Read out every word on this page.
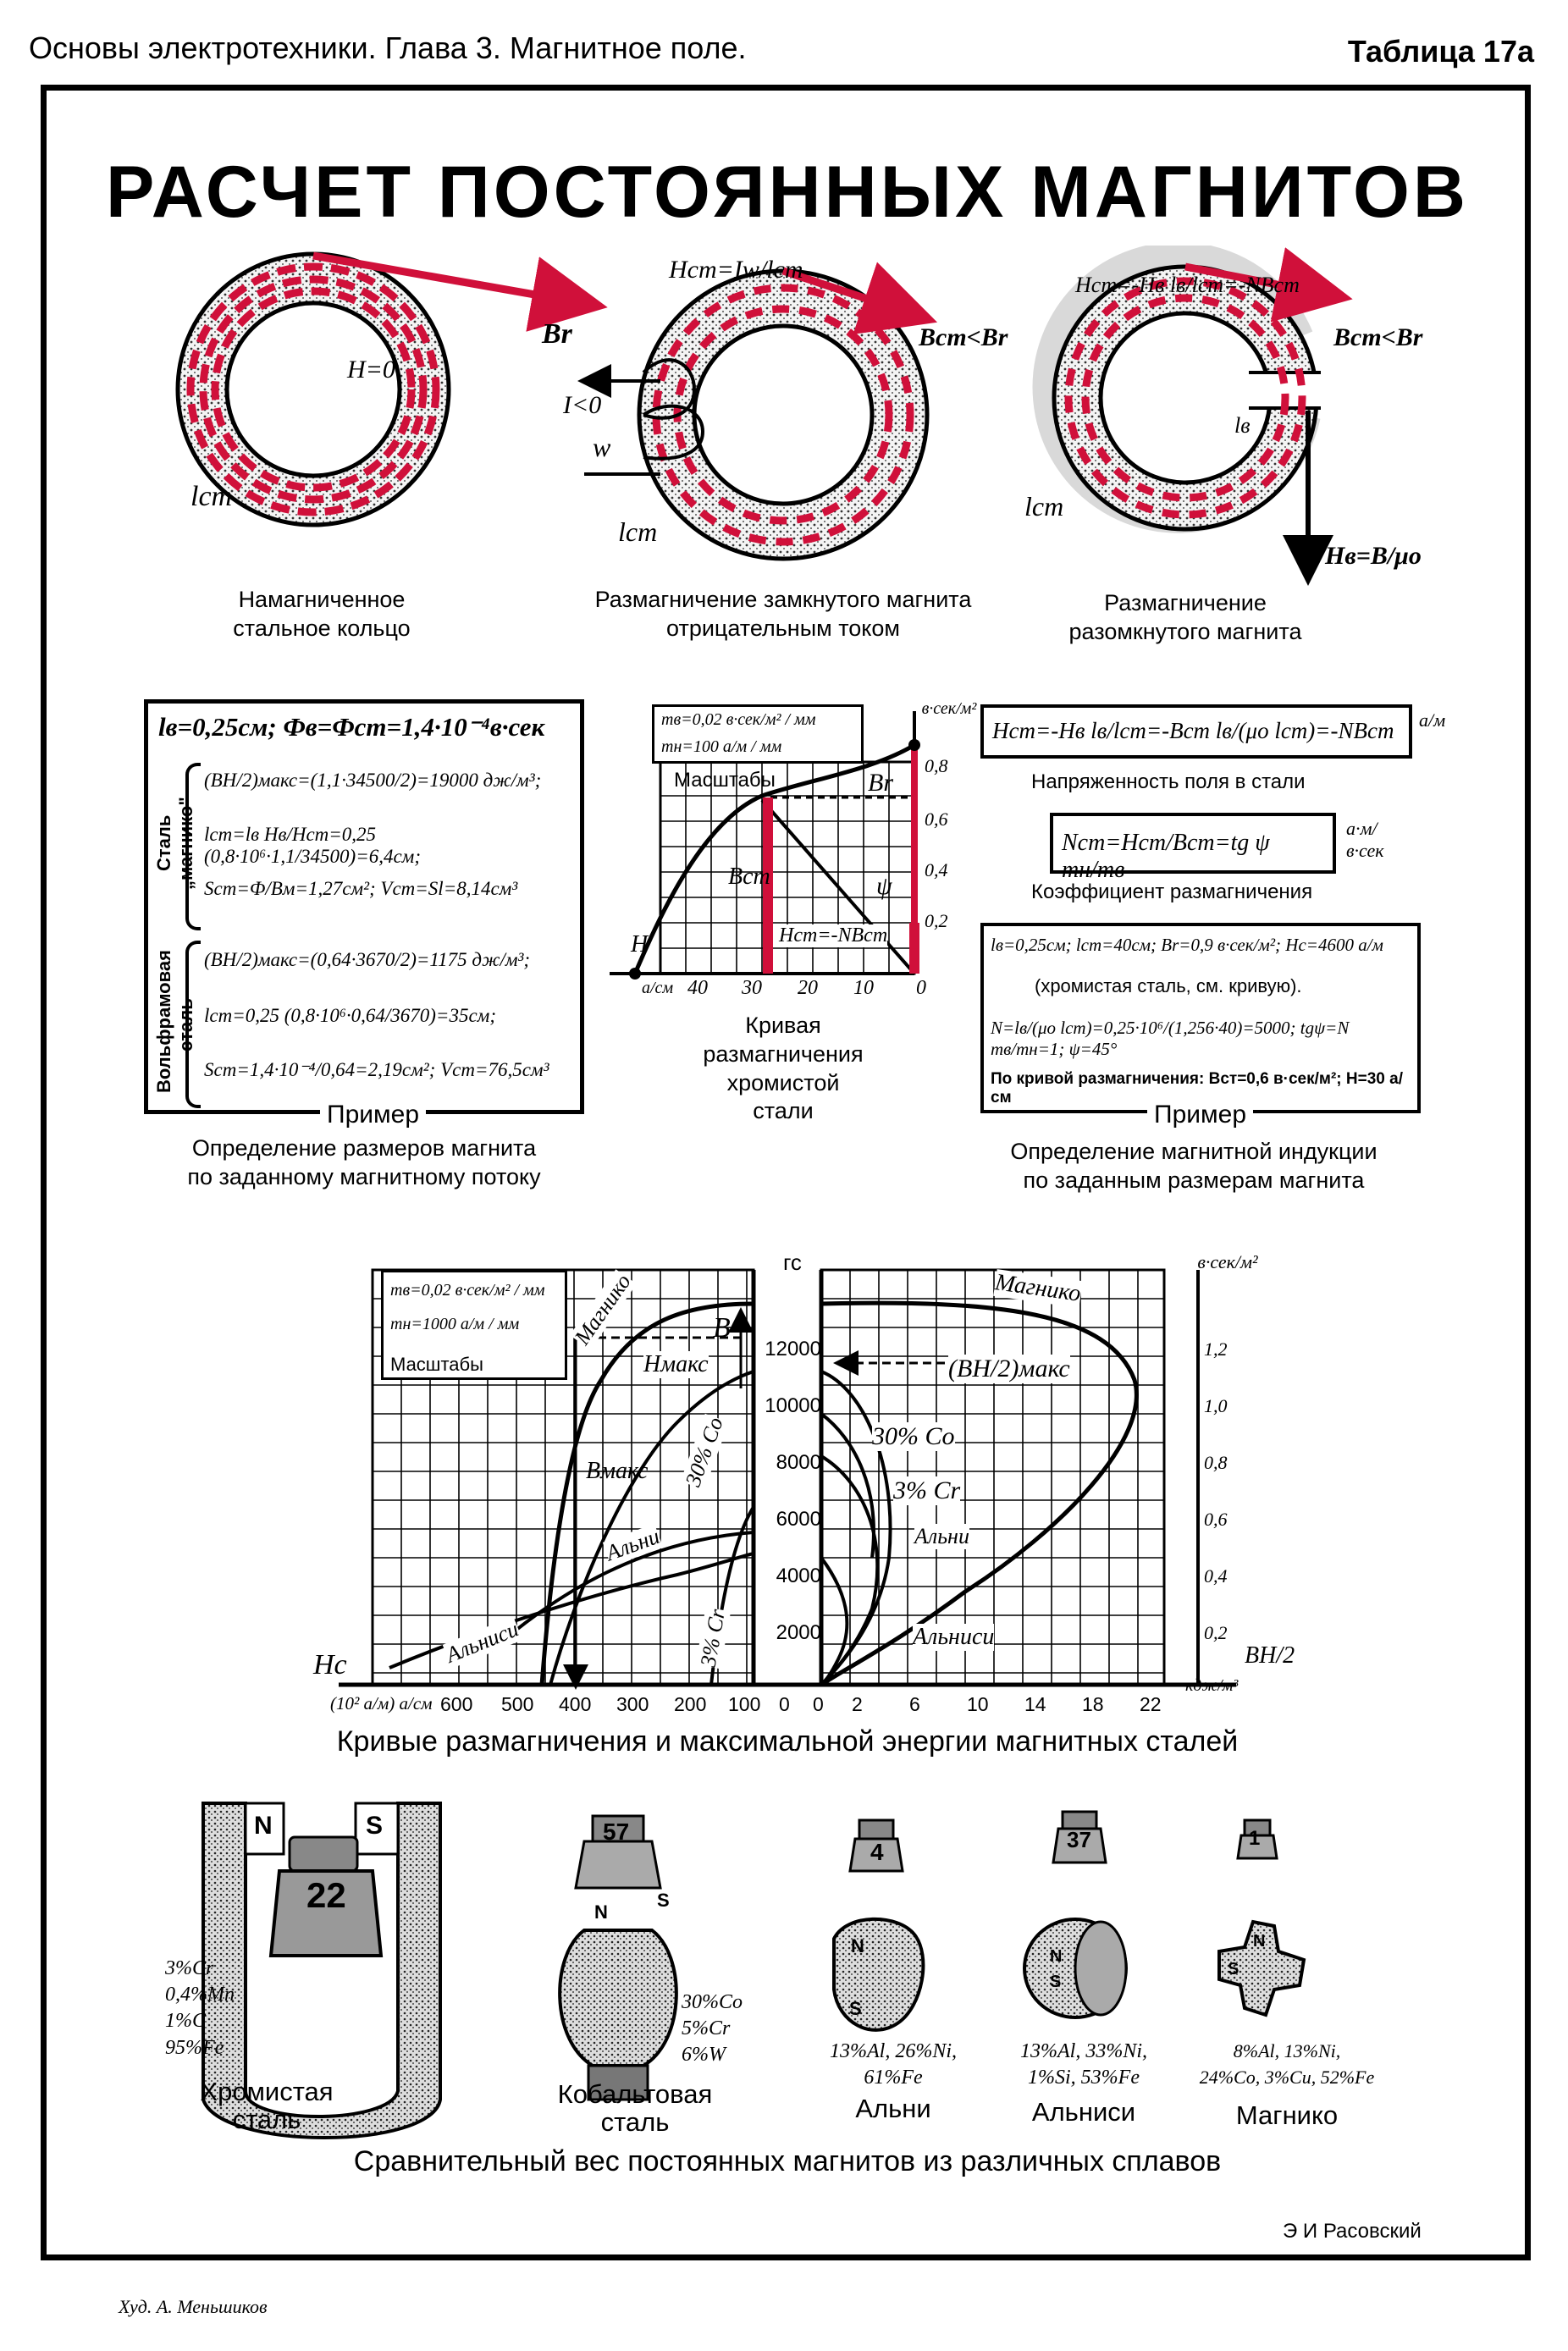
Основы электротехники. Глава 3. Магнитное поле.	Таблица 17а
РАСЧЕТ ПОСТОЯННЫХ МАГНИТОВ
H=0
Br
lст
Намагниченное
стальное кольцо
Hст=Iw/lст
Bст<Br
I<0
w
lст
Размагничение замкнутого магнита
отрицательным током
Hст=-Hв lв/lст=-NBст
Bст<Br
lв
lст
Hв=B/μo
Размагничение
разомкнутого магнита
lв=0,25см; Фв=Фст=1,4·10⁻⁴в·сек
Сталь „магнико"
(BH/2)макс=(1,1·34500/2)=19000 дж/м³;
lст=lв Hв/Hст=0,25 (0,8·10⁶·1,1/34500)=6,4см;
Sст=Ф/Bм=1,27см²; Vст=Sl=8,14см³
Вольфрамовая сталь
(BH/2)макс=(0,64·3670/2)=1175 дж/м³;
lст=0,25 (0,8·10⁶·0,64/3670)=35см;
Sст=1,4·10⁻⁴/0,64=2,19см²; Vст=76,5см³
Пример
Определение размеров магнита
по заданному магнитному потоку
mв=0,02 в·сек/м² / мм
mн=100 а/м / мм
Масштабы	Br
Bст	ψ
Hст=-NBст
H
а/см
в·сек/м²
40 30 20 10 0
0,8
0,6
0,4
0,2
Кривая
размагничения
хромистой
стали
Hст=-Hв lв/lст=-Bст lв/(μo lст)=-NBст а/м
Напряженность поля в стали
Nст=Hст/Bст=tg ψ mн/mв
а·м/в·сек
Коэффициент размагничения
lв=0,25см; lст=40см; Br=0,9 в·сек/м²; Hc=4600 а/м
(хромистая сталь, см. кривую).
N=lв/(μo lст)=0,25·10⁶/(1,256·40)=5000; tgψ=N mв/mн=1; ψ=45°
По кривой размагничения: Bст=0,6 в·сек/м²; H=30 а/см
Пример
Определение магнитной индукции
по заданным размерам магнита
mв=0,02 в·сек/м² / мм
mн=1000 а/м / мм
Масштабы
гс
B
Hмакс
Bмакс
(BH/2)макс
Hc
(10² а/м) а/см
BH/2
кдж/м³
в·сек/м²
600 500 400 300 200 100 0 0 2 6 10 14 18 22
12000
10000
8000
6000
4000
2000
1,2
1,0
0,8
0,6
0,4
0,2
Магнико
30% Co
Альни
Альниси	3% Cr
Магнико
30% Co
3% Cr
Альни
Альниси
Кривые размагничения и максимальной энергии магнитных сталей
22
57
4	37	1
N	S
N
S
N
S
N
S
N
S
3%Cr
0,4%Mn
1%C
95%Fe
30%Co
5%Cr
6%W	13%Al, 26%Ni,
61%Fe
13%Al, 33%Ni,
1%Si, 53%Fe
8%Al, 13%Ni,
24%Co, 3%Cu, 52%Fe
Хромистая
сталь
Кобальтовая
сталь	Альни	Альниси	Магнико
Сравнительный вес постоянных магнитов из различных сплавов
Э И Расовский
Худ. А. Меньшиков
